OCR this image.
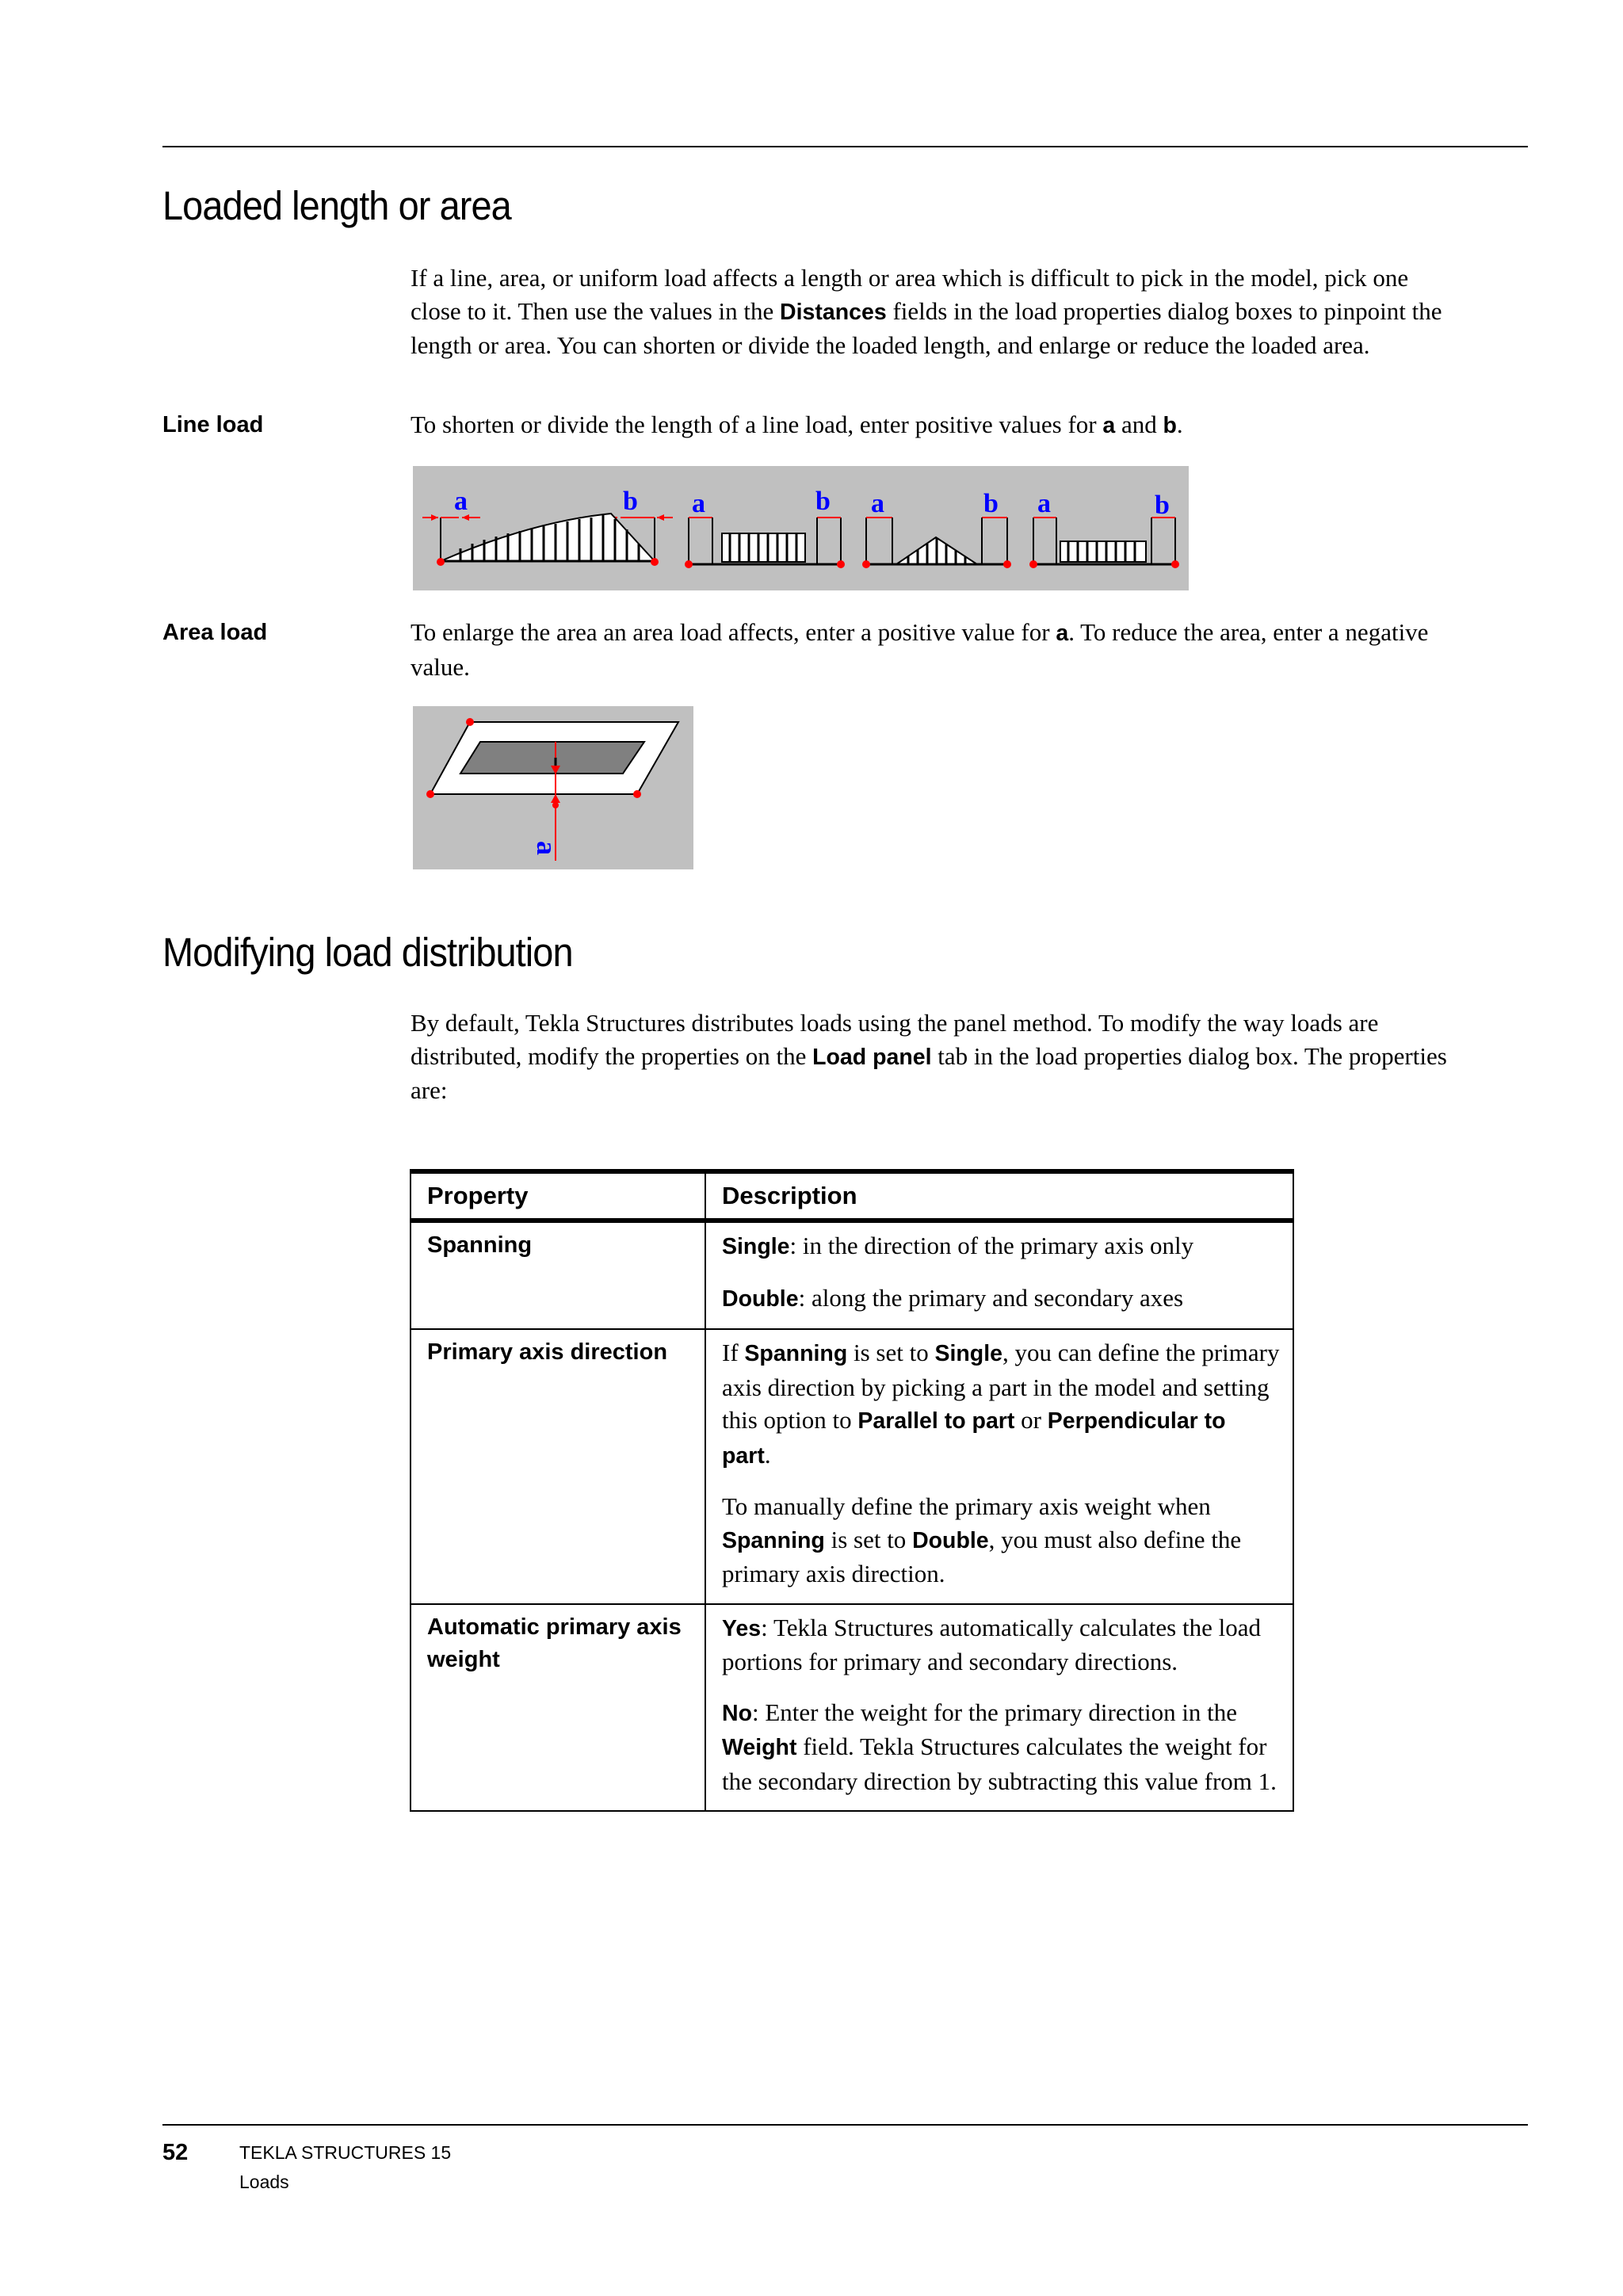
Loaded length or area

If a line, area, or uniform load affects a length or area which is difficult to pick in the model, pick one close to it. Then use the values in the Distances fields in the load properties dialog boxes to pinpoint the length or area. You can shorten or divide the loaded length, and enlarge or reduce the loaded area.

Line load	To shorten or divide the length of a line load, enter positive values for a and b.

a	b a	b a	b a	b
Area load	To enlarge the area an area load affects, enter a positive value for a. To reduce the area, enter a negative value.

a
Modifying load distribution

By default, Tekla Structures distributes loads using the panel method. To modify the way loads are distributed, modify the properties on the Load panel tab in the load properties dialog box. The properties are:

Property	Description
Spanning	Single: in the direction of the primary axis only

Double: along the primary and secondary axes

Primary axis direction	If Spanning is set to Single, you can define the primary axis direction by picking a part in the model and setting this option to Parallel to part or Perpendicular to part.

To manually define the primary axis weight when Spanning is set to Double, you must also define the primary axis direction.

Automatic primary axis weight	Yes: Tekla Structures automatically calculates the load portions for primary and secondary directions.

No: Enter the weight for the primary direction in the Weight field. Tekla Structures calculates the weight for the secondary direction by subtracting this value from 1.

52	TEKLA STRUCTURES 15
Loads
